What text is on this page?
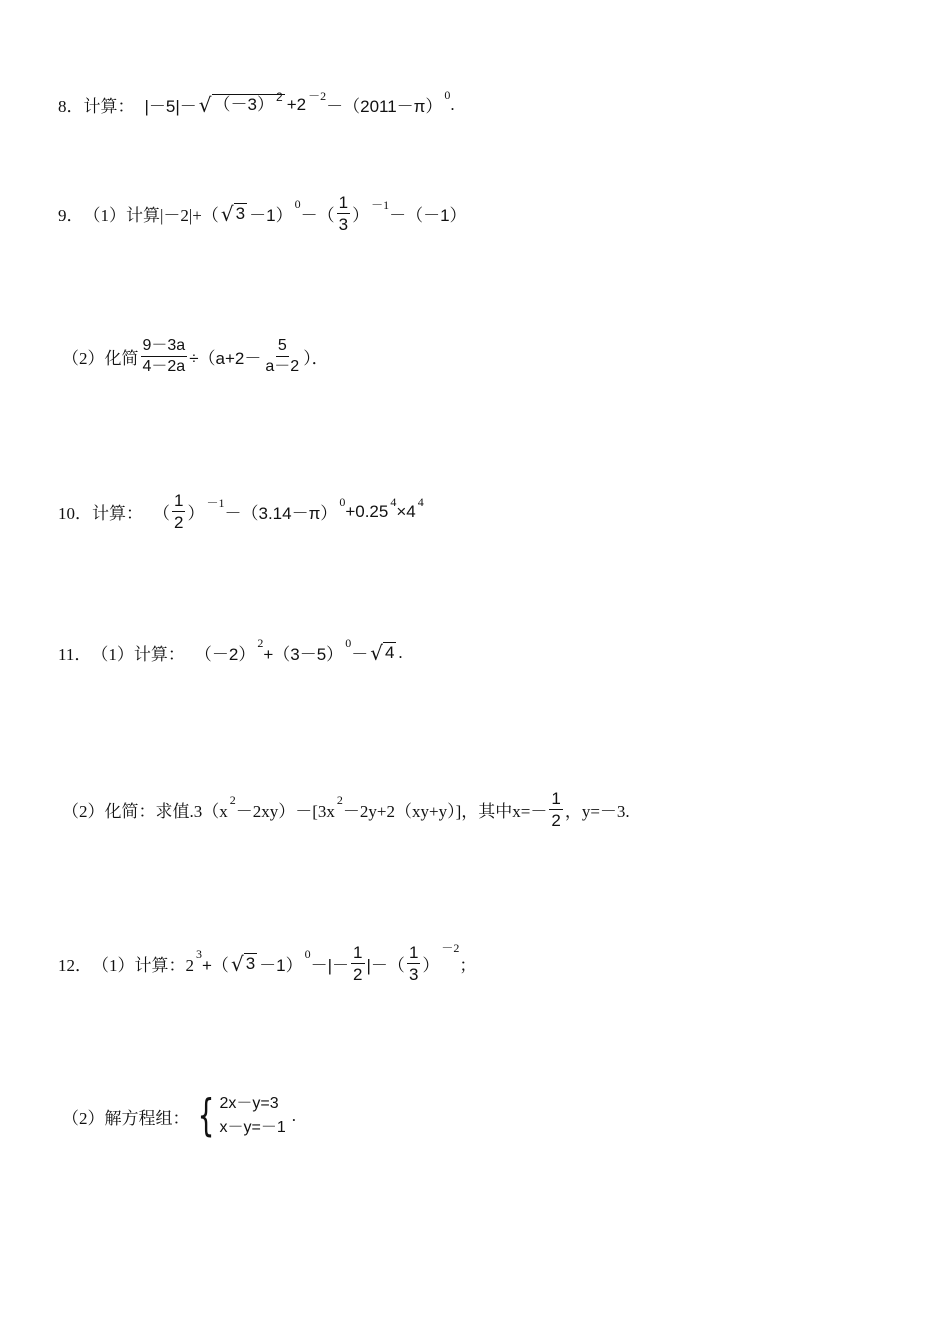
8． 计算： |－5|－ √ （－3） $^2$ +2 －2
－（2011－π）
0 .
9． （1）计算|－2|+（ √ 3 －1）
0
－（ $\frac{1}{3}$ ）
－1
－（－1）
（2）化简 $\frac{9-3a}{4-2a} \div(a+2- \frac{5}{a-2}$ ）．
10． 计算： （ $\frac{1}{2}$ ）
－1
－（3.14－π）
0 +0.25 4 ×4 4
11． （1）计算： （－2）
2
+（3－5）
0
－ √ 4 .
（2）化简：求值.3（x
2
－2xy）－[3x
2
－2y+2（xy+y）]，其中$x=- \frac{1}{2}$ ，y=－3.
12． （1）计算：2
3
+（ √ 3 －1）
0
－|－ $\frac{1}{2}$ |－（ $\frac{1}{3}$ ）
－2
；
（2）解方程组： { 2x－y=3
x－y=－1
.
